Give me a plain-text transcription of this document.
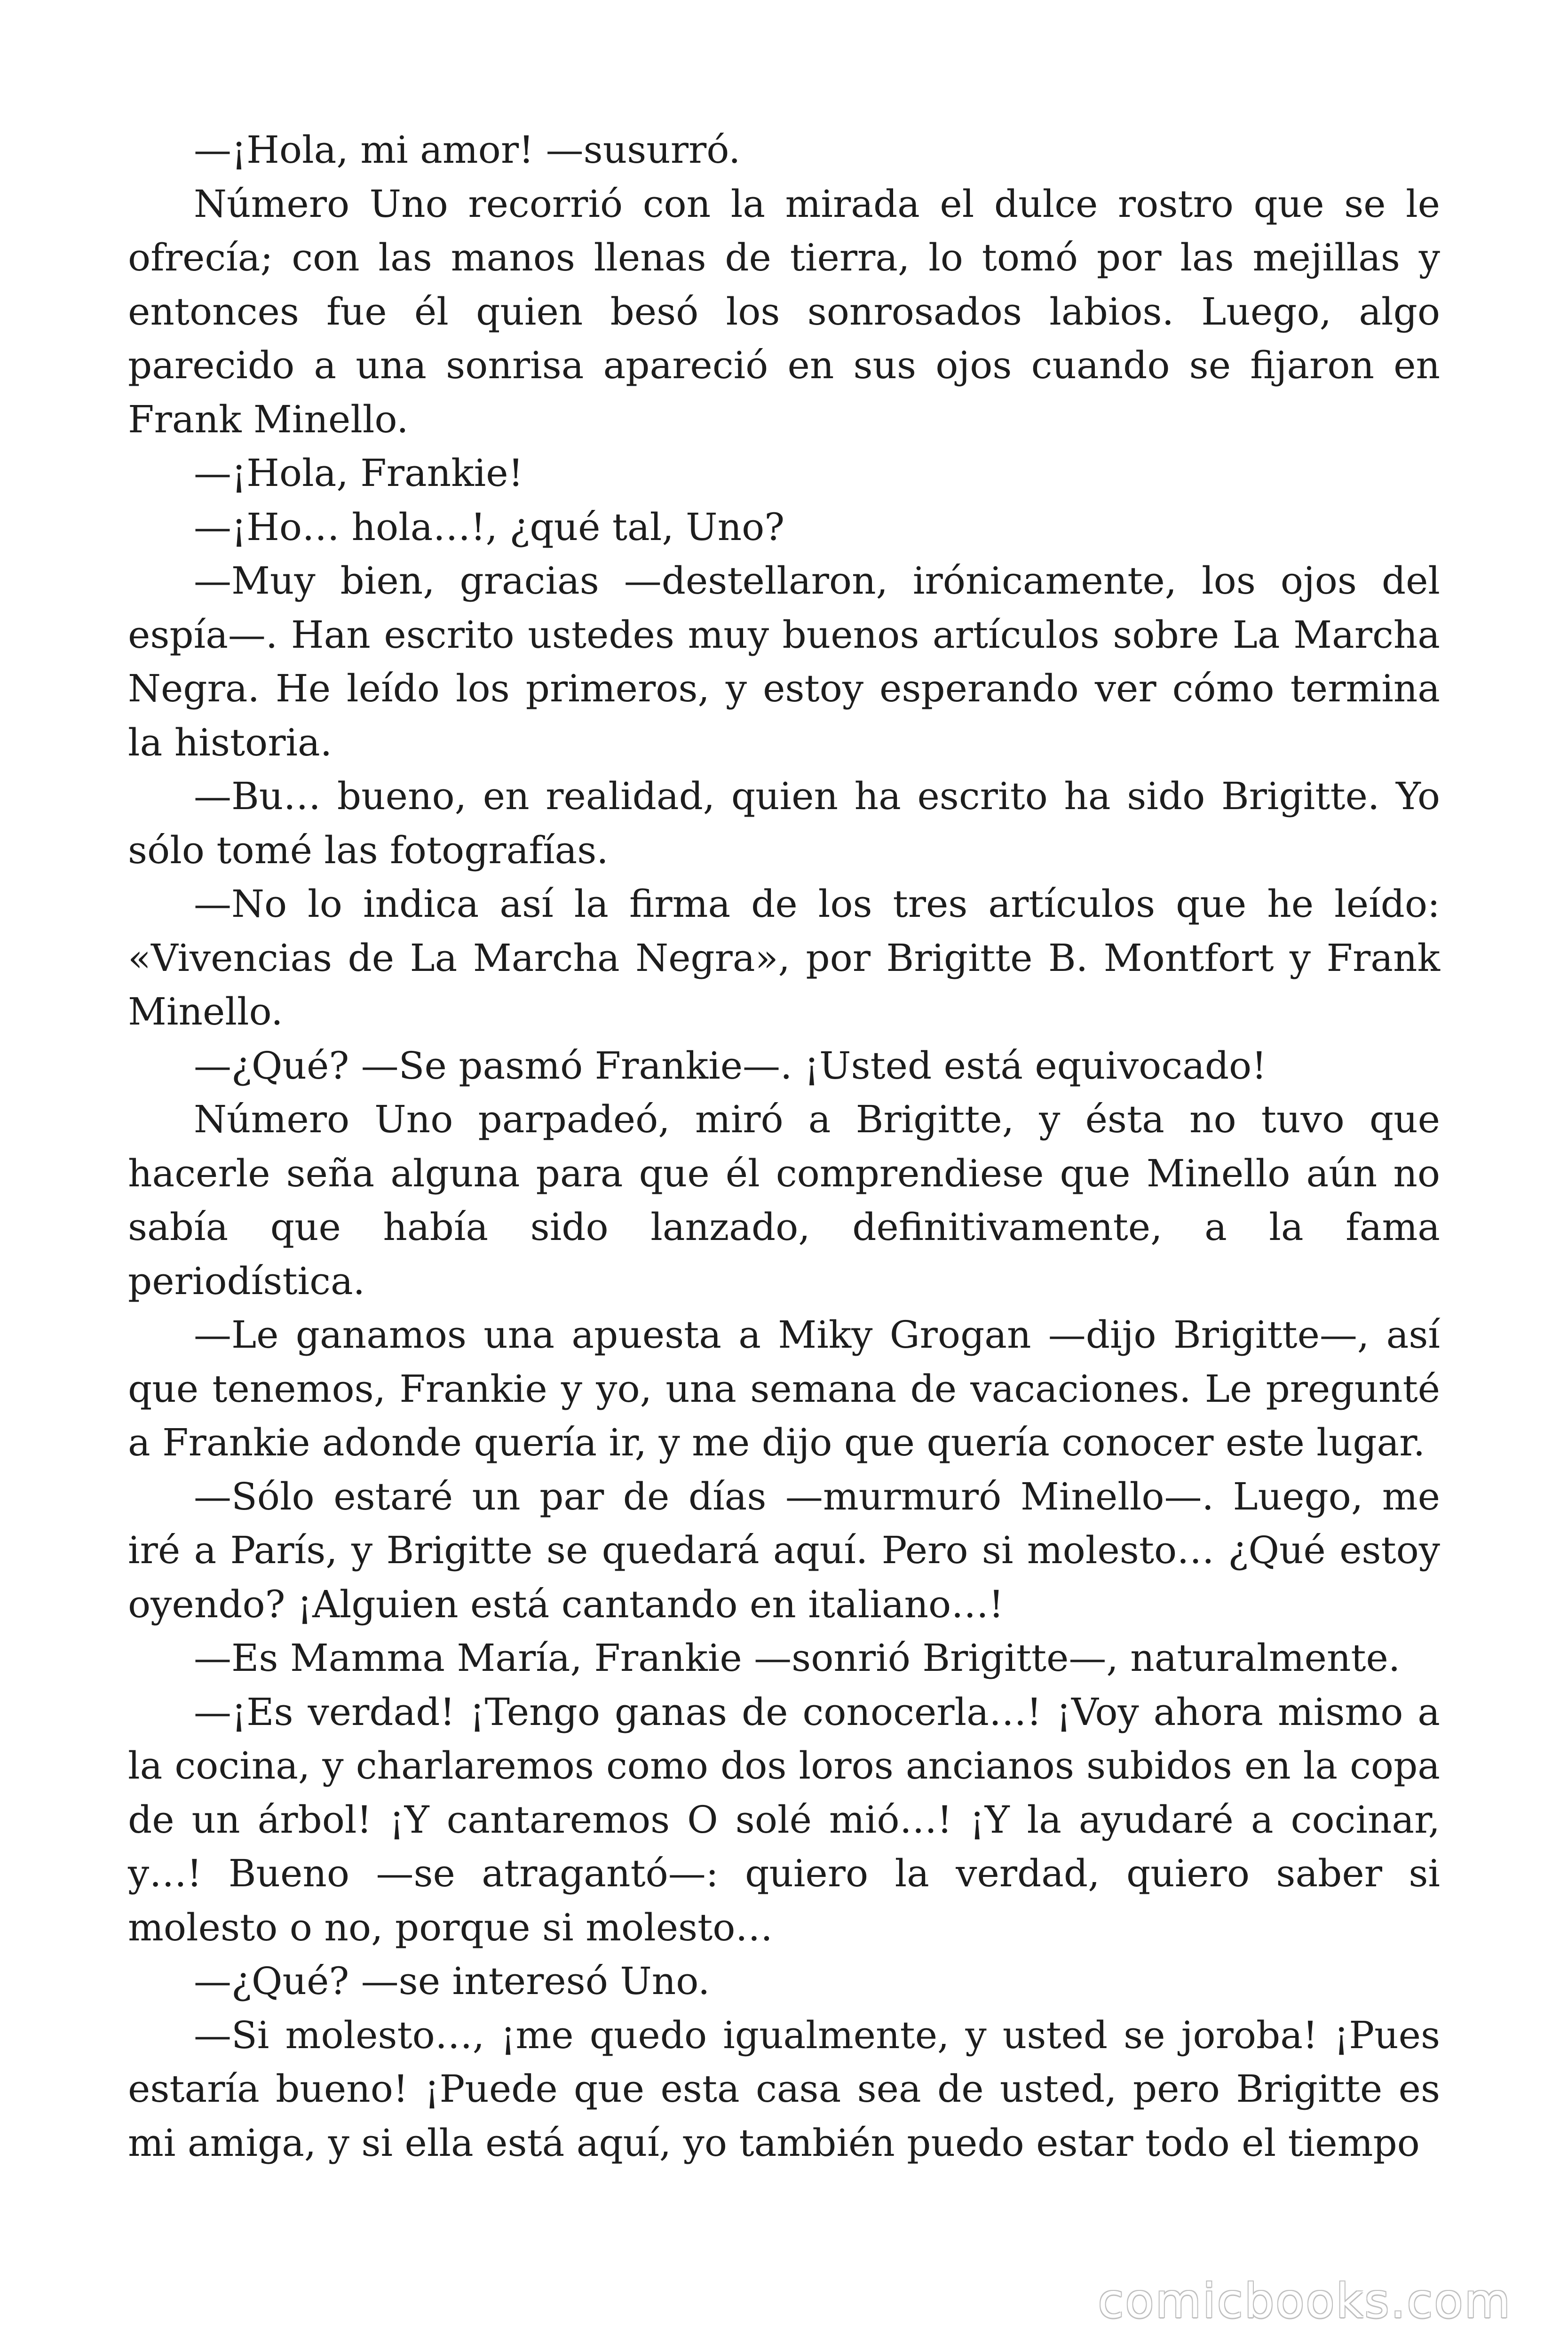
—¡Hola, mi amor! —susurró.

Número Uno recorrió con la mirada el dulce rostro que se le ofrecía; con las manos llenas de tierra, lo tomó por las mejillas y entonces fue él quien besó los sonrosados labios. Luego, algo parecido a una sonrisa apareció en sus ojos cuando se fijaron en Frank Minello.

—¡Hola, Frankie!

—¡Ho… hola…!, ¿qué tal, Uno?

—Muy bien, gracias —destellaron, irónicamente, los ojos del espía—. Han escrito ustedes muy buenos artículos sobre La Marcha Negra. He leído los primeros, y estoy esperando ver cómo termina la historia.

—Bu… bueno, en realidad, quien ha escrito ha sido Brigitte. Yo sólo tomé las fotografías.

—No lo indica así la firma de los tres artículos que he leído: «Vivencias de La Marcha Negra», por Brigitte B. Montfort y Frank Minello.

—¿Qué? —Se pasmó Frankie—. ¡Usted está equivocado!

Número Uno parpadeó, miró a Brigitte, y ésta no tuvo que hacerle seña alguna para que él comprendiese que Minello aún no sabía que había sido lanzado, definitivamente, a la fama periodística.

—Le ganamos una apuesta a Miky Grogan —dijo Brigitte—, así que tenemos, Frankie y yo, una semana de vacaciones. Le pregunté a Frankie adonde quería ir, y me dijo que quería conocer este lugar.

—Sólo estaré un par de días —murmuró Minello—. Luego, me iré a París, y Brigitte se quedará aquí. Pero si molesto… ¿Qué estoy oyendo? ¡Alguien está cantando en italiano…!

—Es Mamma María, Frankie —sonrió Brigitte—, naturalmente.

—¡Es verdad! ¡Tengo ganas de conocerla…! ¡Voy ahora mismo a la cocina, y charlaremos como dos loros ancianos subidos en la copa de un árbol! ¡Y cantaremos O solé mió…! ¡Y la ayudaré a cocinar, y…! Bueno —se atragantó—: quiero la verdad, quiero saber si molesto o no, porque si molesto…

—¿Qué? —se interesó Uno.

—Si molesto…, ¡me quedo igualmente, y usted se joroba! ¡Pues estaría bueno! ¡Puede que esta casa sea de usted, pero Brigitte es mi amiga, y si ella está aquí, yo también puedo estar todo el tiempo

comicbooks.com
